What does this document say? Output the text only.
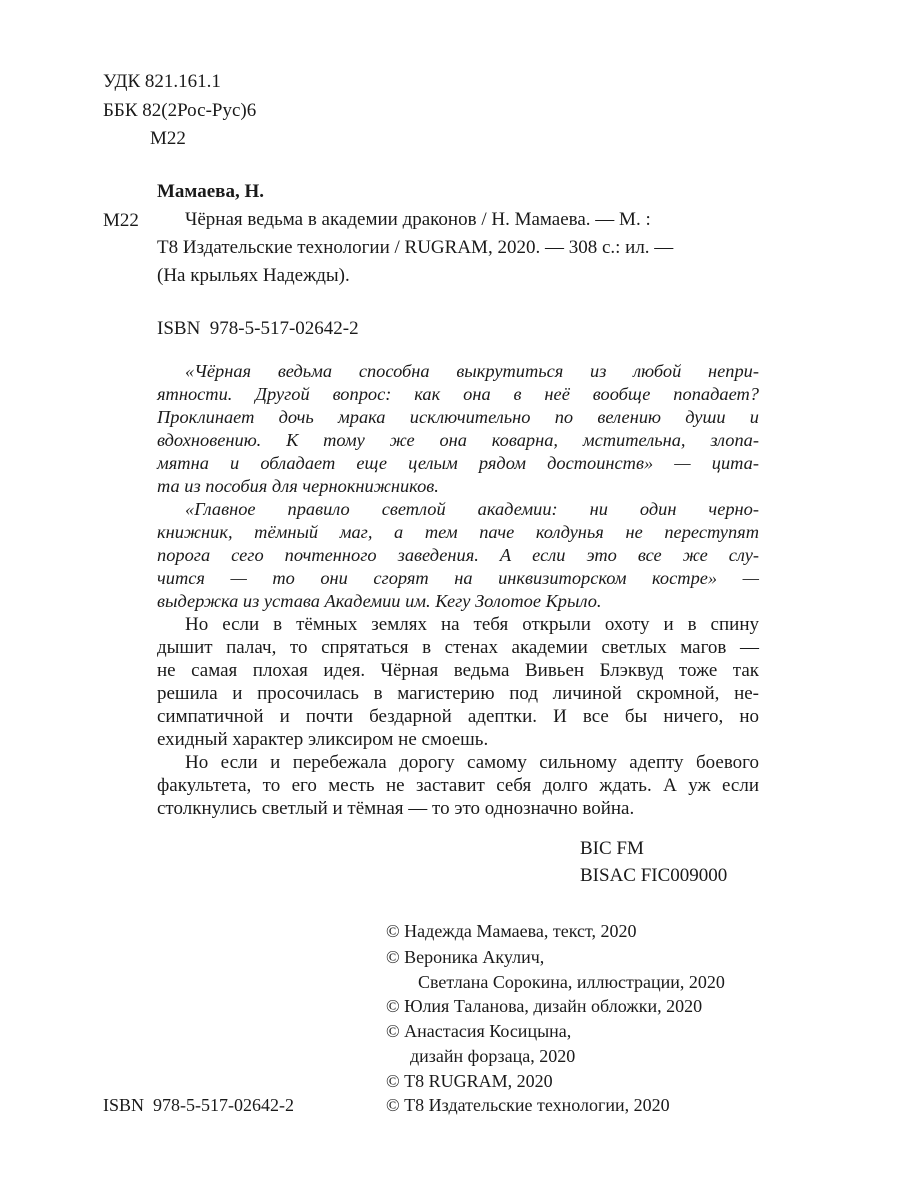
УДК 821.161.1
ББК 82(2Рос-Рус)6
М22
Мамаева, Н.
М22 Чёрная ведьма в академии драконов / Н. Мамаева. — М. :
Т8 Издательские технологии / RUGRAM, 2020. — 308 с.: ил. —
(На крыльях Надежды).
ISBN  978-5-517-02642-2
«Чёрная ведьма способна выкрутиться из любой непри-
ятности. Другой вопрос: как она в неё вообще попадает?
Проклинает дочь мрака исключительно по велению души и
вдохновению. К тому же она коварна, мстительна, злопа-
мятна и обладает еще целым рядом достоинств» — цита-
та из пособия для чернокнижников.
«Главное правило светлой академии: ни один черно-
книжник, тёмный маг, а тем паче колдунья не переступят
порога сего почтенного заведения. А если это все же слу-
чится — то они сгорят на инквизиторском костре» —
выдержка из устава Академии им. Кегу Золотое Крыло.
Но если в тёмных землях на тебя открыли охоту и в спину
дышит палач, то спрятаться в стенах академии светлых магов —
не самая плохая идея. Чёрная ведьма Вивьен Блэквуд тоже так
решила и просочилась в магистерию под личиной скромной, не-
симпатичной и почти бездарной адептки. И все бы ничего, но
ехидный характер эликсиром не смоешь.
Но если и перебежала дорогу самому сильному адепту боевого
факультета, то его месть не заставит себя долго ждать. А уж если
столкнулись светлый и тёмная — то это однозначно война.
BIC FM
BISAC FIC009000
© Надежда Мамаева, текст, 2020
© Вероника Акулич,
Светлана Сорокина, иллюстрации, 2020
© Юлия Таланова, дизайн обложки, 2020
© Анастасия Косицына,
дизайн форзаца, 2020
© Т8 RUGRAM, 2020
© Т8 Издательские технологии, 2020
ISBN  978-5-517-02642-2
